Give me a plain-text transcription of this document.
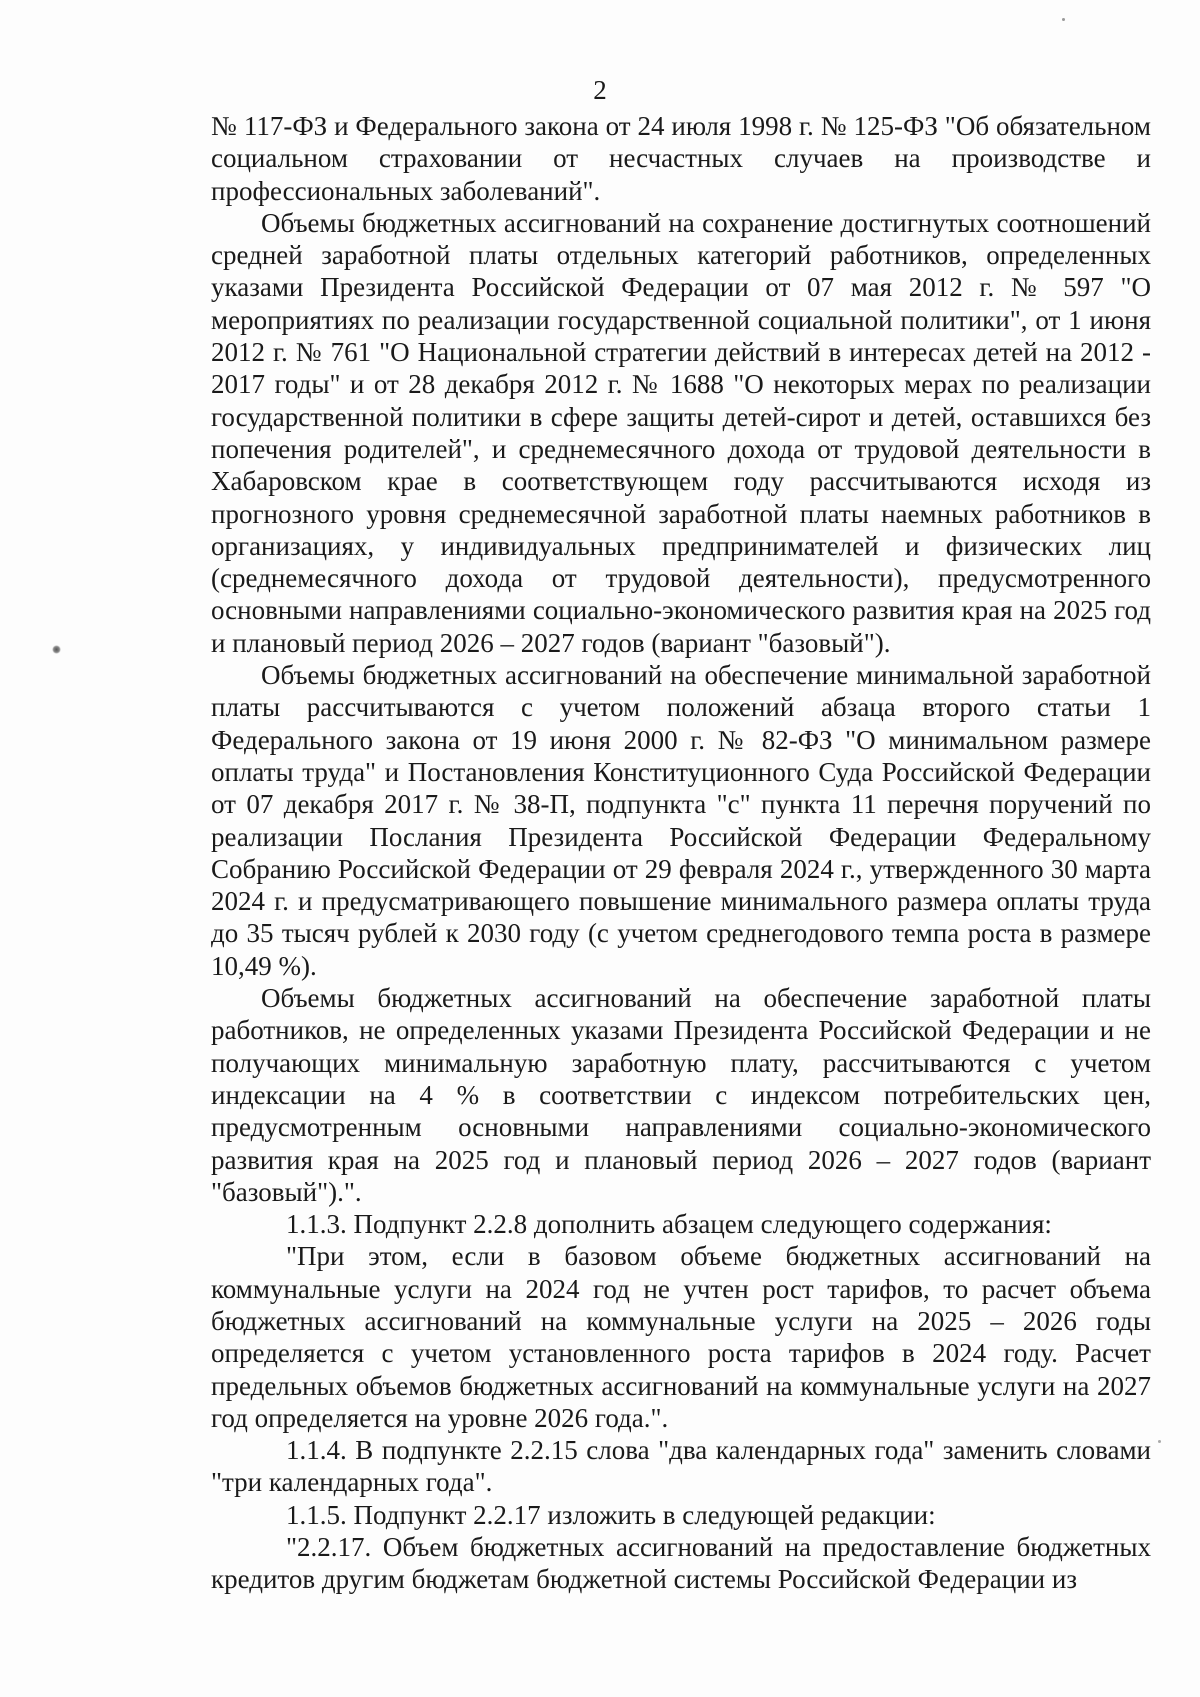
2

№ 117-ФЗ и Федерального закона от 24 июля 1998 г. № 125-ФЗ "Об обязательном социальном страховании от несчастных случаев на производстве и профессиональных заболеваний".

Объемы бюджетных ассигнований на сохранение достигнутых соотношений средней заработной платы отдельных категорий работников, определенных указами Президента Российской Федерации от 07 мая 2012 г. № 597 "О мероприятиях по реализации государственной социальной политики", от 1 июня 2012 г. № 761 "О Национальной стратегии действий в интересах детей на 2012 - 2017 годы" и от 28 декабря 2012 г. № 1688 "О некоторых мерах по реализации государственной политики в сфере защиты детей-сирот и детей, оставшихся без попечения родителей", и среднемесячного дохода от трудовой деятельности в Хабаровском крае в соответствующем году рассчитываются исходя из прогнозного уровня среднемесячной заработной платы наемных работников в организациях, у индивидуальных предпринимателей и физических лиц (среднемесячного дохода от трудовой деятельности), предусмотренного основными направлениями социально-экономического развития края на 2025 год и плановый период 2026 – 2027 годов (вариант "базовый").

Объемы бюджетных ассигнований на обеспечение минимальной заработной платы рассчитываются с учетом положений абзаца второго статьи 1 Федерального закона от 19 июня 2000 г. № 82-ФЗ "О минимальном размере оплаты труда" и Постановления Конституционного Суда Российской Федерации от 07 декабря 2017 г. № 38-П, подпункта "с" пункта 11 перечня поручений по реализации Послания Президента Российской Федерации Федеральному Собранию Российской Федерации от 29 февраля 2024 г., утвержденного 30 марта 2024 г. и предусматривающего повышение минимального размера оплаты труда до 35 тысяч рублей к 2030 году (с учетом среднегодового темпа роста в размере 10,49 %).

Объемы бюджетных ассигнований на обеспечение заработной платы работников, не определенных указами Президента Российской Федерации и не получающих минимальную заработную плату, рассчитываются с учетом индексации на 4 % в соответствии с индексом потребительских цен, предусмотренным основными направлениями социально-экономического развития края на 2025 год и плановый период 2026 – 2027 годов (вариант "базовый").".

1.1.3. Подпункт 2.2.8 дополнить абзацем следующего содержания:

"При этом, если в базовом объеме бюджетных ассигнований на коммунальные услуги на 2024 год не учтен рост тарифов, то расчет объема бюджетных ассигнований на коммунальные услуги на 2025 – 2026 годы определяется с учетом установленного роста тарифов в 2024 году. Расчет предельных объемов бюджетных ассигнований на коммунальные услуги на 2027 год определяется на уровне 2026 года.".

1.1.4. В подпункте 2.2.15 слова "два календарных года" заменить словами "три календарных года".

1.1.5. Подпункт 2.2.17 изложить в следующей редакции:

"2.2.17. Объем бюджетных ассигнований на предоставление бюджетных кредитов другим бюджетам бюджетной системы Российской Федерации из
